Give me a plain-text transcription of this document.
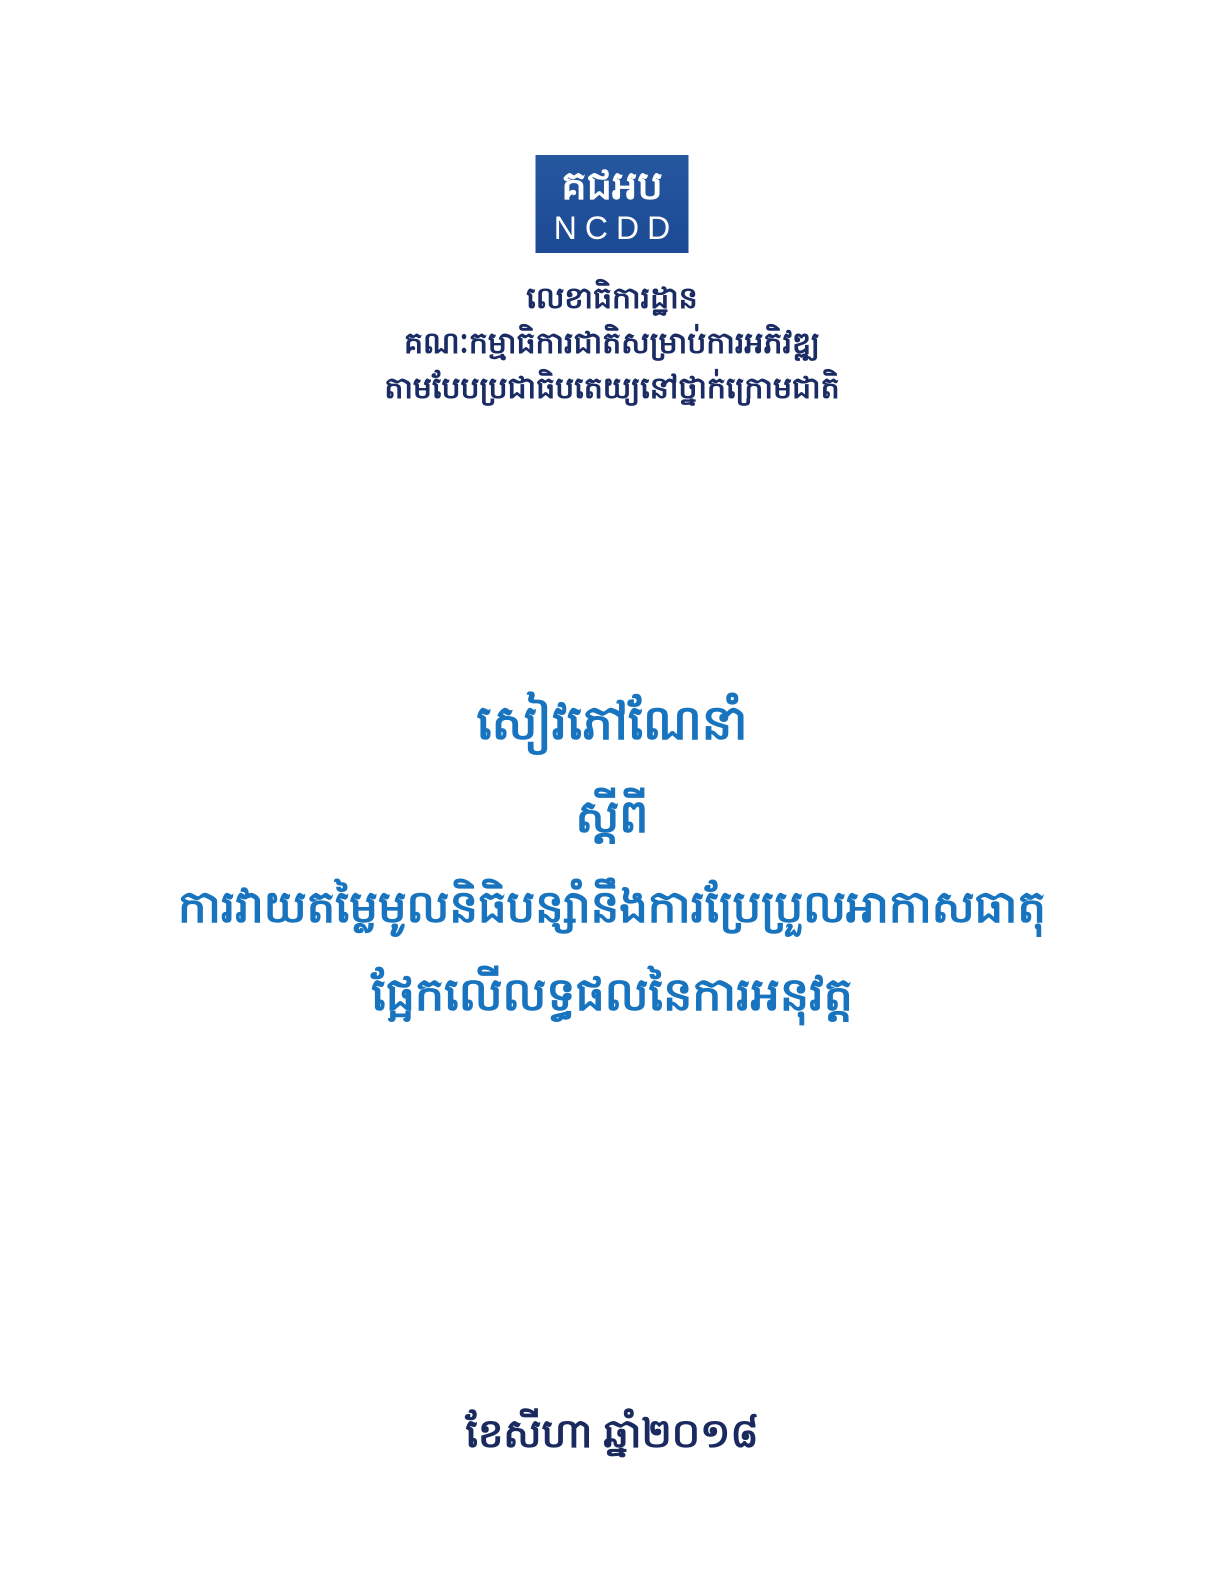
គជអប
NCDD
លេខាធិការដ្ឋាន
គណៈកម្មាធិការជាតិសម្រាប់ការអភិវឌ្ឍ
តាមបែបប្រជាធិបតេយ្យនៅថ្នាក់ក្រោមជាតិ
សៀវភៅណែនាំ
ស្តីពី
ការវាយតម្លៃមូលនិធិបន្សាំនឹងការប្រែប្រួលអាកាសធាតុ
ផ្អែកលើលទ្ធផលនៃការអនុវត្ត
ខែសីហា ឆ្នាំ២០១៨
